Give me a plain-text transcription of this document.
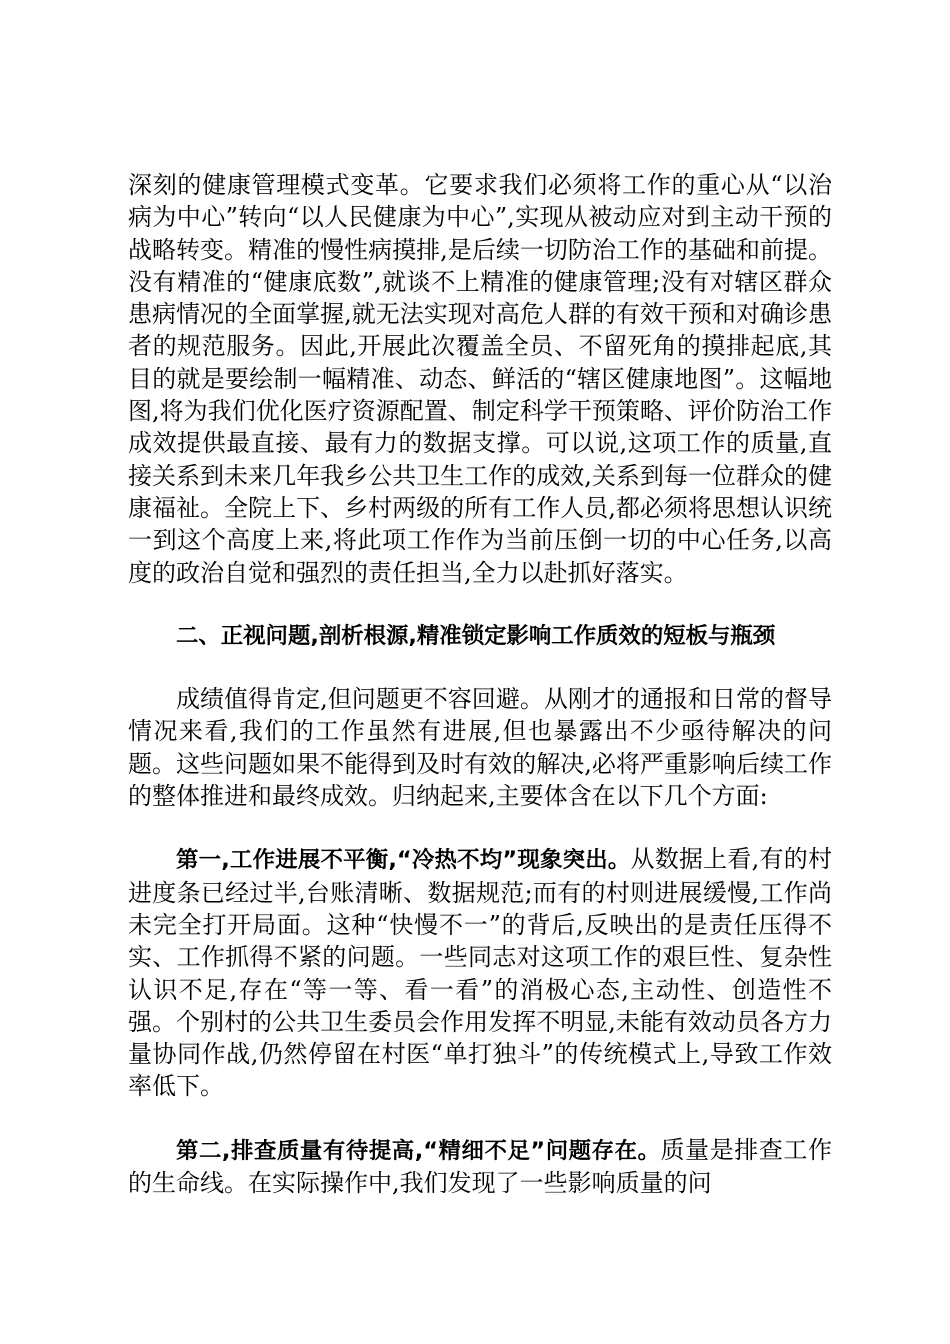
深刻的健康管理模式变革。它要求我们必须将工作的重心从“以治病为中心”转向“以人民健康为中心”,实现从被动应对到主动干预的战略转变。精准的慢性病摸排,是后续一切防治工作的基础和前提。没有精准的“健康底数”,就谈不上精准的健康管理;没有对辖区群众患病情况的全面掌握,就无法实现对高危人群的有效干预和对确诊患者的规范服务。因此,开展此次覆盖全员、不留死角的摸排起底,其目的就是要绘制一幅精准、动态、鲜活的“辖区健康地图”。这幅地图,将为我们优化医疗资源配置、制定科学干预策略、评价防治工作成效提供最直接、最有力的数据支撑。可以说,这项工作的质量,直接关系到未来几年我乡公共卫生工作的成效,关系到每一位群众的健康福祉。全院上下、乡村两级的所有工作人员,都必须将思想认识统一到这个高度上来,将此项工作作为当前压倒一切的中心任务,以高度的政治自觉和强烈的责任担当,全力以赴抓好落实。

二、正视问题,剖析根源,精准锁定影响工作质效的短板与瓶颈

成绩值得肯定,但问题更不容回避。从刚才的通报和日常的督导情况来看,我们的工作虽然有进展,但也暴露出不少亟待解决的问题。这些问题如果不能得到及时有效的解决,必将严重影响后续工作的整体推进和最终成效。归纳起来,主要体含在以下几个方面:

第一,工作进展不平衡,“冷热不均”现象突出。从数据上看,有的村进度条已经过半,台账清晰、数据规范;而有的村则进展缓慢,工作尚未完全打开局面。这种“快慢不一”的背后,反映出的是责任压得不实、工作抓得不紧的问题。一些同志对这项工作的艰巨性、复杂性认识不足,存在“等一等、看一看”的消极心态,主动性、创造性不强。个别村的公共卫生委员会作用发挥不明显,未能有效动员各方力量协同作战,仍然停留在村医“单打独斗”的传统模式上,导致工作效率低下。

第二,排查质量有待提高,“精细不足”问题存在。质量是排查工作的生命线。在实际操作中,我们发现了一些影响质量的问
